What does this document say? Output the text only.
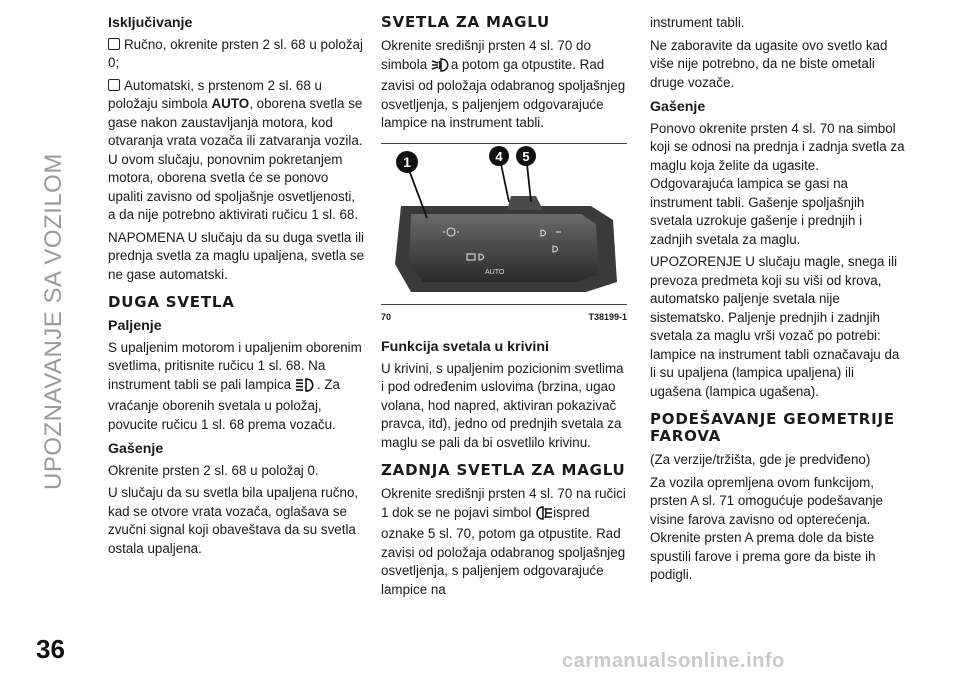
UPOZNAVANJE SA VOZILOM
36
Isključivanje

Ručno, okrenite prsten 2 sl. 68 u položaj 0;

Automatski, s prstenom 2 sl. 68 u položaju simbola AUTO, oborena svetla se gase nakon zaustavljanja motora, kod otvaranja vrata vozača ili zatvaranja vozila. U ovom slučaju, ponovnim pokretanjem motora, oborena svetla će se ponovo upaliti zavisno od spoljašnje osvetljenosti, a da nije potrebno aktivirati ručicu 1 sl. 68.

NAPOMENA U slučaju da su duga svetla ili prednja svetla za maglu upaljena, svetla se ne gase automatski.

DUGA SVETLA
Paljenje

S upaljenim motorom i upaljenim oborenim svetlima, pritisnite ručicu 1 sl. 68. Na instrument tabli se pali lampica . Za vraćanje oborenih svetala u položaj, povucite ručicu 1 sl. 68 prema vozaču.

Gašenje

Okrenite prsten 2 sl. 68 u položaj 0.

U slučaju da su svetla bila upaljena ručno, kad se otvore vrata vozača, oglašava se zvučni signal koji obaveštava da su svetla ostala upaljena.

SVETLA ZA MAGLU

Okrenite središnji prsten 4 sl. 70 do simbola a potom ga otpustite. Rad zavisi od položaja odabranog spoljašnjeg osvetljenja, s paljenjem odgovarajuće lampice na instrument tabli.

AUTO
1	4 5
70	T38199-1
Funkcija svetala u krivini

U krivini, s upaljenim pozicionim svetlima i pod određenim uslovima (brzina, ugao volana, hod napred, aktiviran pokazivač pravca, itd), jedno od prednjih svetala za maglu se pali da bi osvetlilo krivinu.

ZADNJA SVETLA ZA MAGLU

Okrenite središnji prsten 4 sl. 70 na ručici 1 dok se ne pojavi simbol ispred oznake 5 sl. 70, potom ga otpustite. Rad zavisi od položaja odabranog spoljašnjeg osvetljenja, s paljenjem odgovarajuće lampice na

instrument tabli.

Ne zaboravite da ugasite ovo svetlo kad više nije potrebno, da ne biste ometali druge vozače.

Gašenje

Ponovo okrenite prsten 4 sl. 70 na simbol koji se odnosi na prednja i zadnja svetla za maglu koja želite da ugasite. Odgovarajuća lampica se gasi na instrument tabli. Gašenje spoljašnjih svetala uzrokuje gašenje i prednjih i zadnjih svetala za maglu.

UPOZORENJE U slučaju magle, snega ili prevoza predmeta koji su viši od krova, automatsko paljenje svetala nije sistematsko. Paljenje prednjih i zadnjih svetala za maglu vrši vozač po potrebi: lampice na instrument tabli označavaju da li su upaljena (lampica upaljena) ili ugašena (lampica ugašena).

PODEŠAVANJE GEOMETRIJE FAROVA

(Za verzije/tržišta, gde je predviđeno)

Za vozila opremljena ovom funkcijom, prsten A sl. 71 omogućuje podešavanje visine farova zavisno od opterećenja. Okrenite prsten A prema dole da biste spustili farove i prema gore da biste ih podigli.

carmanualsonline.info
